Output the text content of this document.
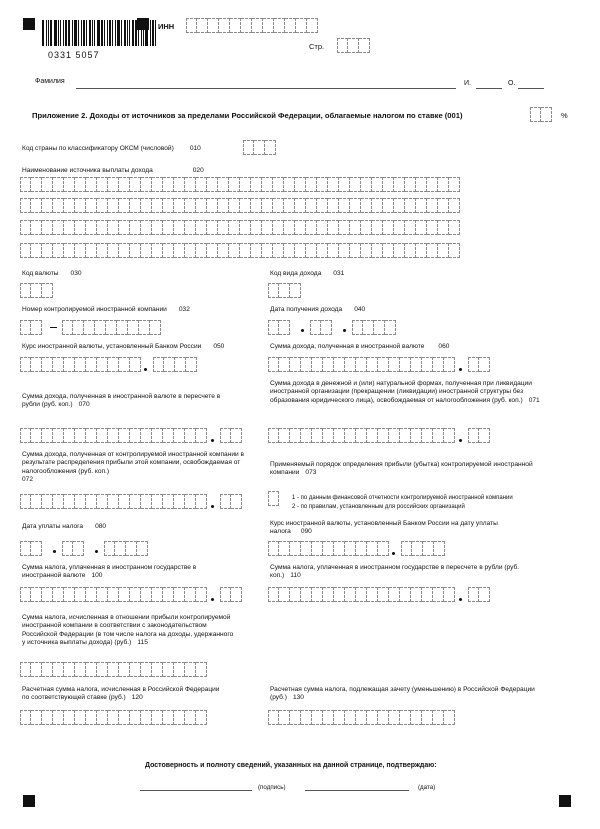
0331 5057
ИНН
Стр.
Фамилия	И.	О.
Приложение 2. Доходы от источников за пределами Российской Федерации, облагаемые налогом по ставке (001)	%
Код страны по классификатору ОКСМ (числовой) 010
Наименование источника выплаты дохода	020
Код валюты 030	Код вида дохода 031
Номер контролируемой иностранной компании 032	Дата получения дохода 040
Курс иностранной валюты, установленный Банком России 050	Сумма дохода, полученная в иностранной валюте 060
Сумма дохода, полученная в иностранной валюте в пересчете в рубли (руб. коп.) 070
Сумма дохода в денежной и (или) натуральной формах, полученная при ликвидации иностранной организации (прекращении (ликвидации) иностранной структуры без образования юридического лица), освобождаемая от налогообложения (руб. коп.) 071
Сумма дохода, полученная от контролируемой иностранной компании в результате распределения прибыли этой компании, освобождаемая от налогообложения (руб. коп.)
072
Применяемый порядок определения прибыли (убытка) контролируемой иностранной компании 073
1 - по данным финансовой отчетности контролируемой иностранной компании
2 - по правилам, установленным для российских организаций
Дата уплаты налога 080	Курс иностранной валюты, установленный Банком России на дату уплаты налога 090
Сумма налога, уплаченная в иностранном государстве в иностранной валюте 100
Сумма налога, уплаченная в иностранном государстве в пересчете в рубли (руб. коп.) 110
Сумма налога, исчисленная в отношении прибыли контролируемой иностранной компании в соответствии с законодательством Российской Федерации (в том числе налога на доходы, удержанного у источника выплаты дохода) (руб.) 115
Расчетная сумма налога, исчисленная в Российской Федерации по соответствующей ставке (руб.) 120
Расчетная сумма налога, подлежащая зачету (уменьшению) в Российской Федерации (руб.) 130
Достоверность и полноту сведений, указанных на данной странице, подтверждаю:
(подпись)	(дата)
